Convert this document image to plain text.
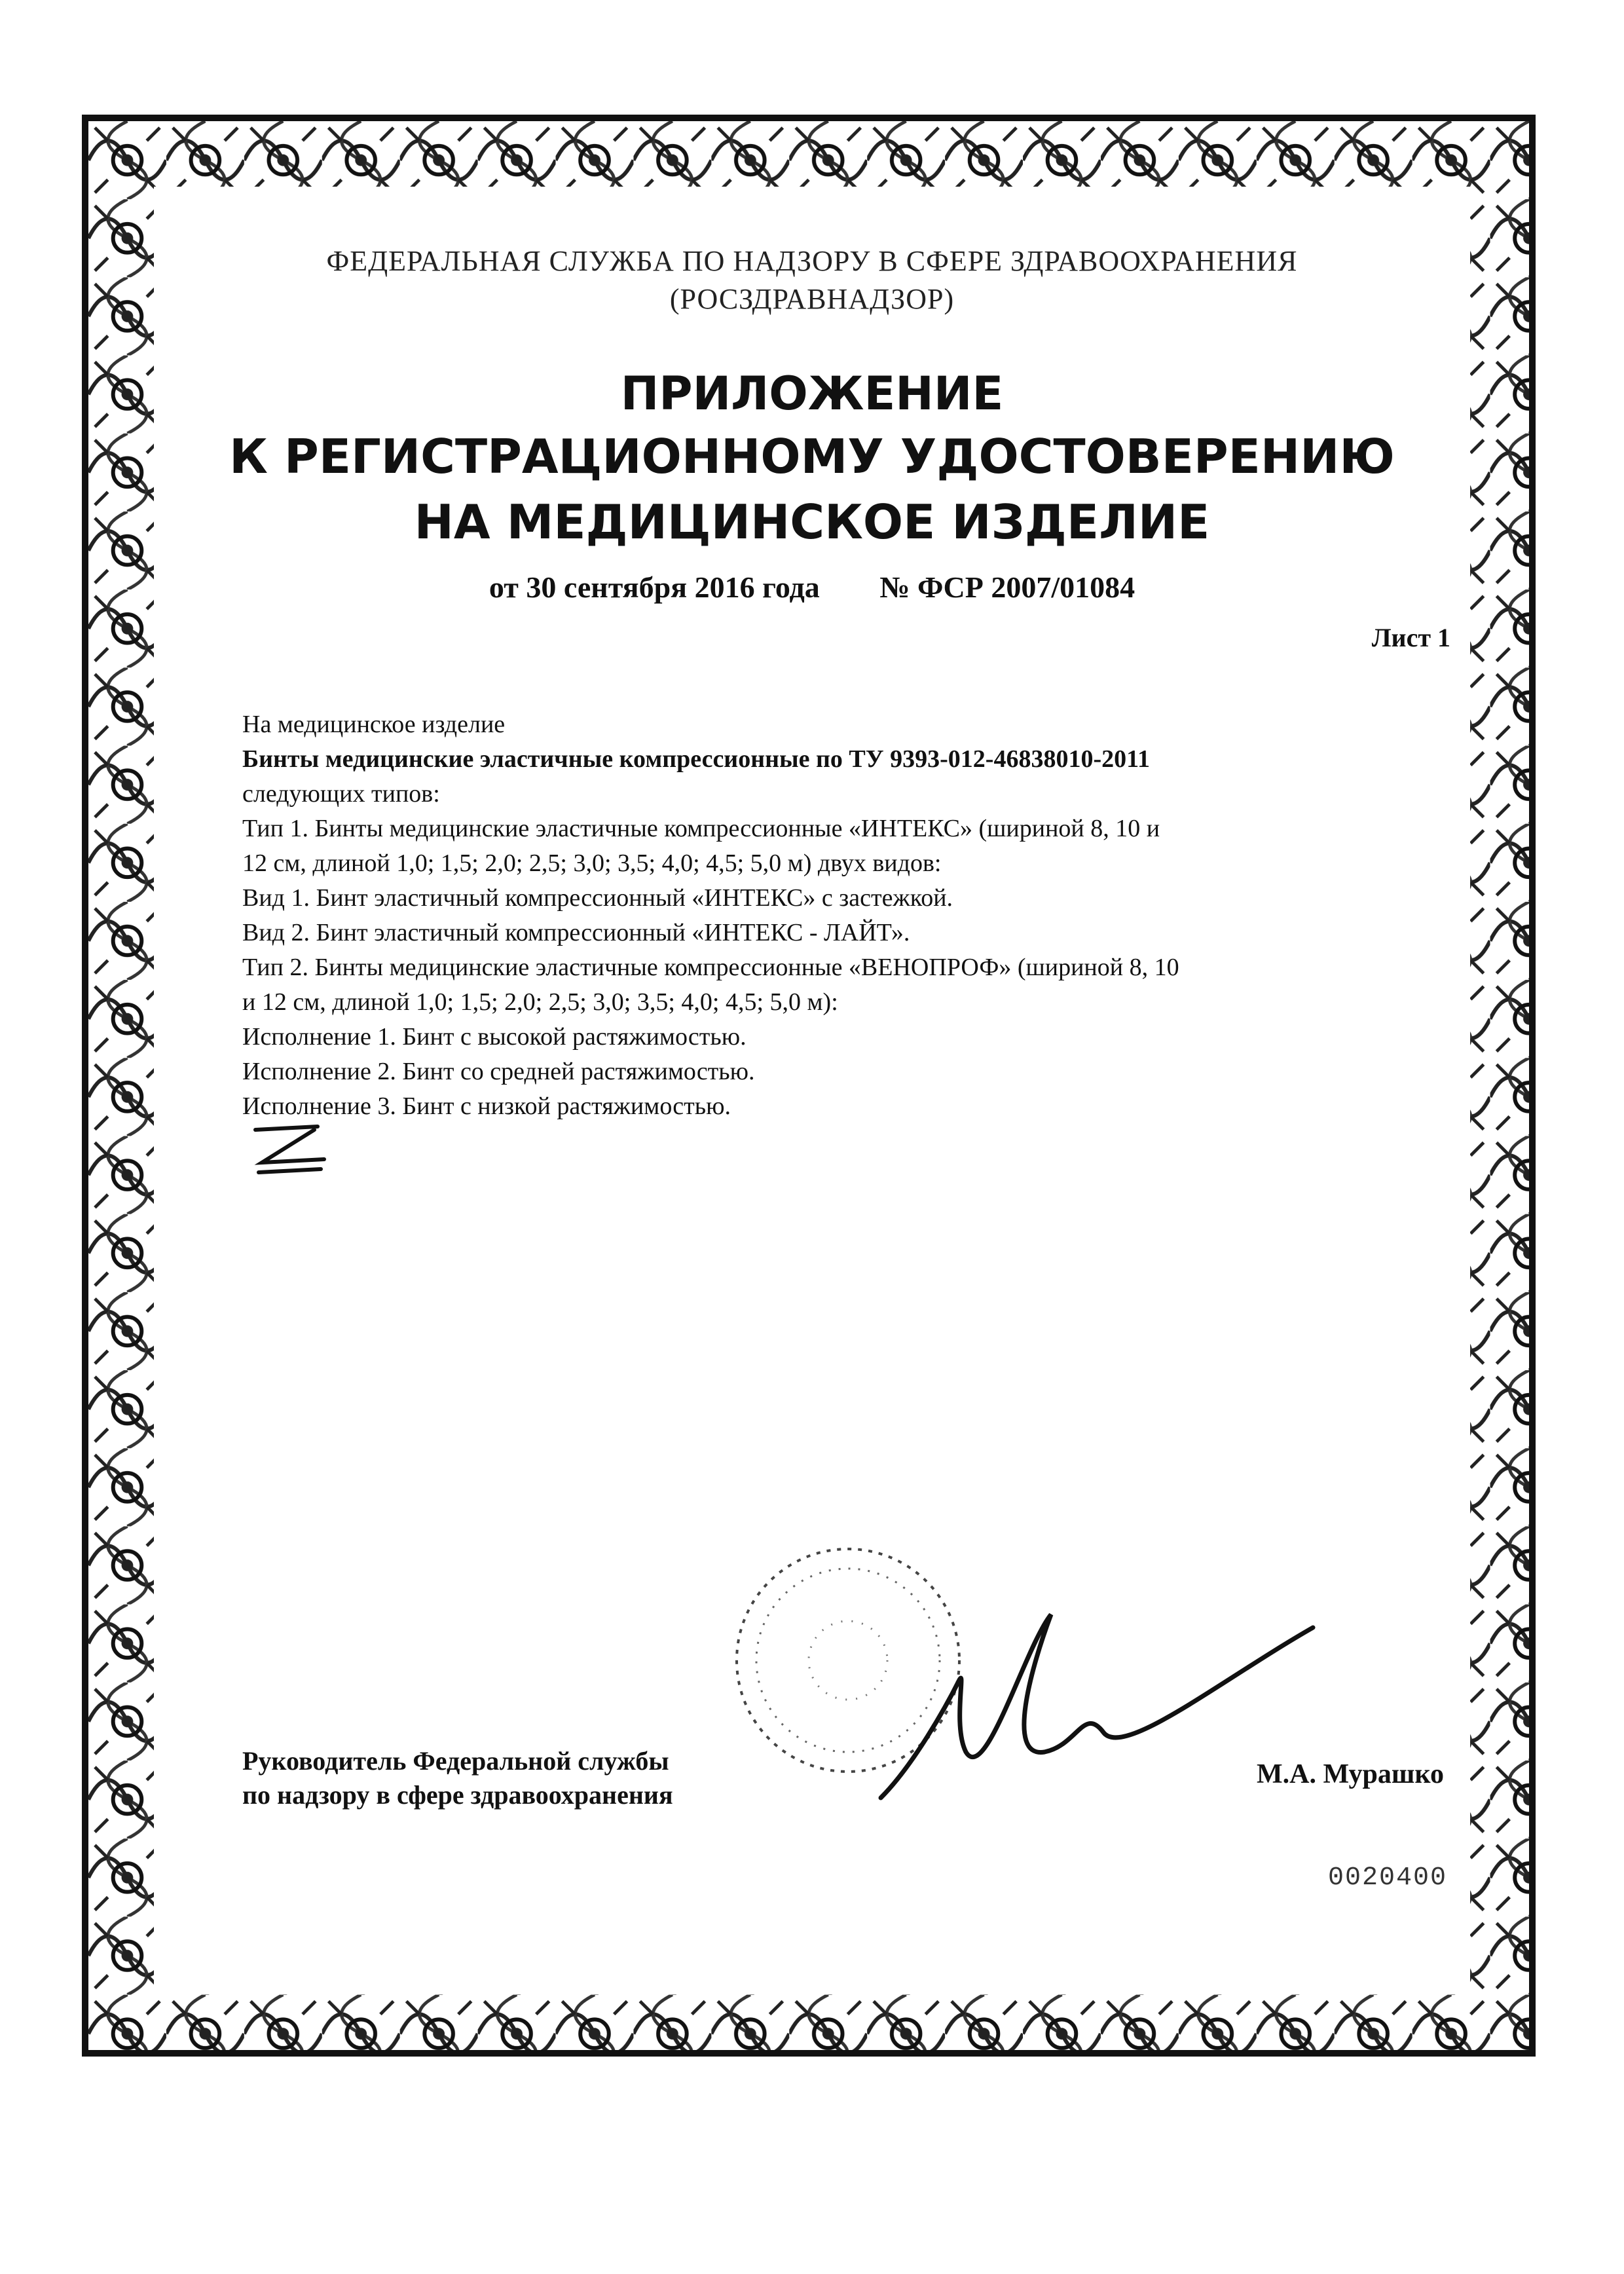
ФЕДЕРАЛЬНАЯ СЛУЖБА ПО НАДЗОРУ В СФЕРЕ ЗДРАВООХРАНЕНИЯ
(РОСЗДРАВНАДЗОР)
ПРИЛОЖЕНИЕ
К РЕГИСТРАЦИОННОМУ УДОСТОВЕРЕНИЮ
НА МЕДИЦИНСКОЕ ИЗДЕЛИЕ
от 30 сентября 2016 года № ФСР 2007/01084
Лист 1
На медицинское изделие
Бинты медицинские эластичные компрессионные по ТУ 9393-012-46838010-2011
следующих типов:
Тип 1. Бинты медицинские эластичные компрессионные «ИНТЕКС» (шириной 8, 10 и
12 см, длиной 1,0; 1,5; 2,0; 2,5; 3,0; 3,5; 4,0; 4,5; 5,0 м) двух видов:
Вид 1. Бинт эластичный компрессионный «ИНТЕКС» с застежкой.
Вид 2. Бинт эластичный компрессионный «ИНТЕКС - ЛАЙТ».
Тип 2. Бинты медицинские эластичные компрессионные «ВЕНОПРОФ» (шириной 8, 10
и 12 см, длиной 1,0; 1,5; 2,0; 2,5; 3,0; 3,5; 4,0; 4,5; 5,0 м):
Исполнение 1. Бинт с высокой растяжимостью.
Исполнение 2. Бинт со средней растяжимостью.
Исполнение 3. Бинт с низкой растяжимостью.
Руководитель Федеральной службы
по надзору в сфере здравоохранения
М.А. Мурашко
0020400
